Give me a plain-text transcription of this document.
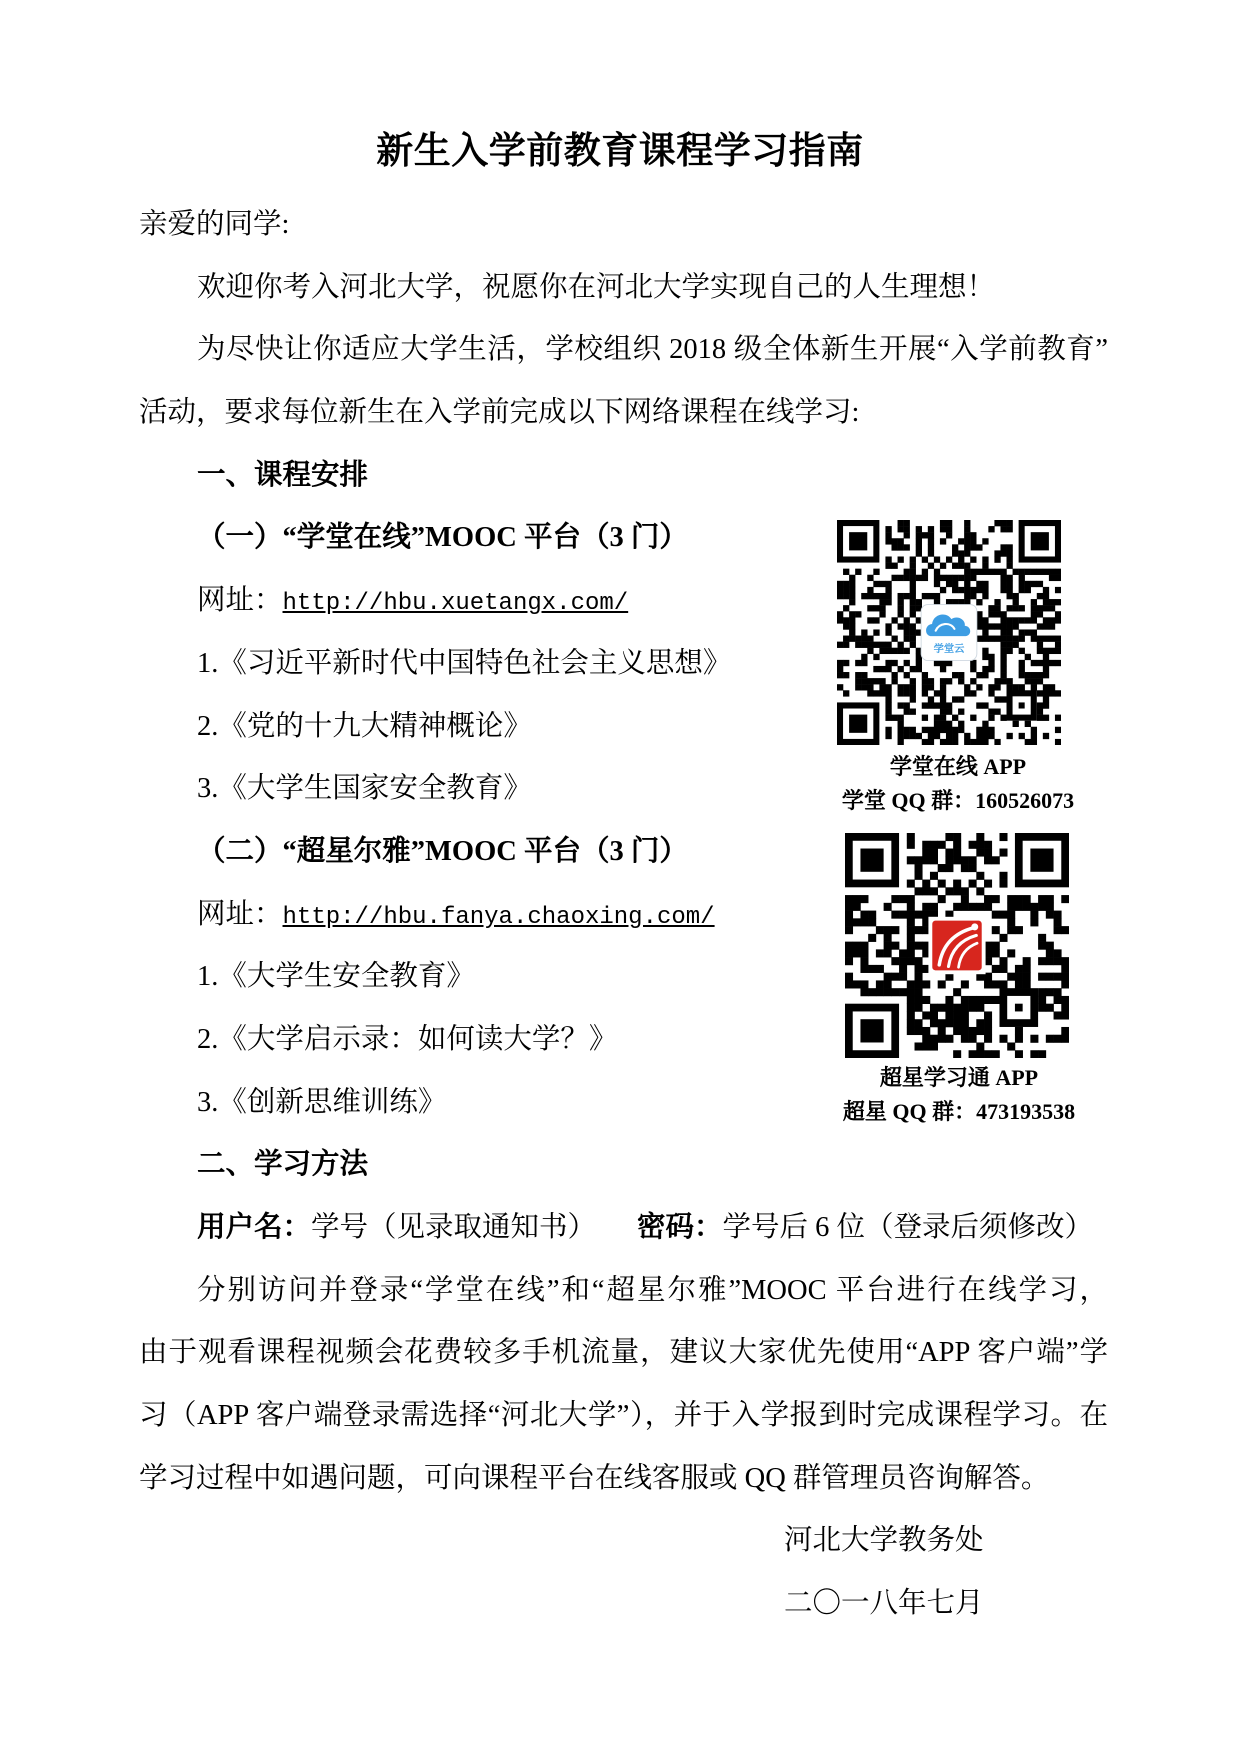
新生入学前教育课程学习指南
亲爱的同学:
欢迎你考入河北大学，祝愿你在河北大学实现自己的人生理想！
为尽快让你适应大学生活，学校组织 2018 级全体新生开展“入学前教育”
活动，要求每位新生在入学前完成以下网络课程在线学习:
一、课程安排
（一）“学堂在线”MOOC 平台（3 门）
网址：http://hbu.xuetangx.com/
1.《习近平新时代中国特色社会主义思想》
2.《党的十九大精神概论》
3.《大学生国家安全教育》
（二）“超星尔雅”MOOC 平台（3 门）
网址：http://hbu.fanya.chaoxing.com/
1.《大学生安全教育》
2.《大学启示录：如何读大学？》
3.《创新思维训练》
二、学习方法
用户名：学号（见录取通知书） 密码：学号后 6 位（登录后须修改）
分别访问并登录“学堂在线”和“超星尔雅”MOOC 平台进行在线学习，
由于观看课程视频会花费较多手机流量，建议大家优先使用“APP 客户端”学
习（APP 客户端登录需选择“河北大学”），并于入学报到时完成课程学习。在
学习过程中如遇问题，可向课程平台在线客服或 QQ 群管理员咨询解答。
河北大学教务处
二〇一八年七月
学堂云
学堂在线 APP
学堂 QQ 群：160526073
超星学习通 APP
超星 QQ 群：473193538
